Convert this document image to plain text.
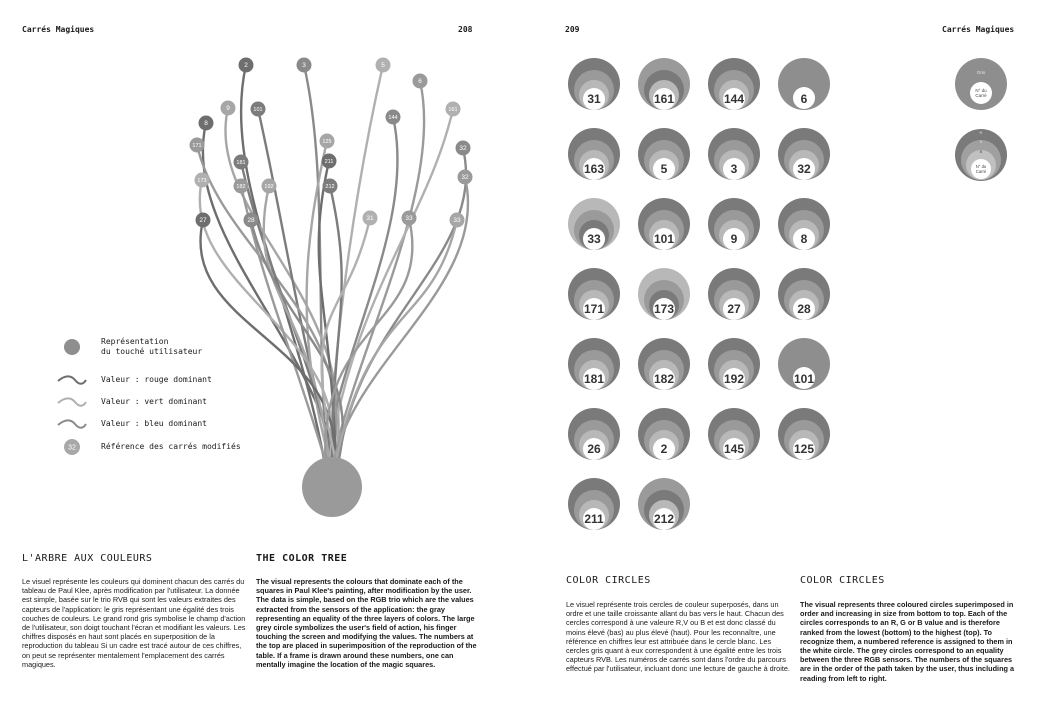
Carrés Magiques	208
2	3	5
6
9	101
8
144
161
171
125
181	211
32
173
182	192	212
27	28	31	33
32
33
Représentation
du touché utilisateur
Valeur : rouge dominant
Valeur : vert dominant
Valeur : bleu dominant
32	Référence des carrés modifiés
L'ARBRE AUX COULEURS
Le visuel représente les couleurs qui dominent chacun des carrés du tableau de Paul Klee, après modification par l'utilisateur. La donnée est simple, basée sur le trio RVB qui sont les valeurs extraites des capteurs de l'application: le gris représentant une égalité des trois couches de couleurs. Le grand rond gris symbolise le champ d'action de l'utilisateur, son doigt touchant l'écran et modifiant les valeurs. Les chiffres disposés en haut sont placés en superposition de la reproduction du tableau Si un cadre est tracé autour de ces chiffres, on peut se représenter mentalement l'emplacement des carrés magiques.
THE COLOR TREE
The visual represents the colours that dominate each of the squares in Paul Klee's painting, after modification by the user. The data is simple, based on the RGB trio which are the values extracted from the sensors of the application: the gray representing an equality of the three layers of colors. The large grey circle symbolizes the user's field of action, his finger touching the screen and modifying the values. The numbers at the top are placed in superimposition of the reproduction of the table. If a frame is drawn around these numbers, one can mentally imagine the location of the magic squares.
209	Carrés Magiques
31	161	144	6
163	5	3	32
33	101	9	8
171	173	27	28
181	182	192	101
26	2	145	125
211	212
Gris
N° du
Carré
R
V
B
N° du
Carré
COLOR CIRCLES
Le visuel représente trois cercles de couleur superposés, dans un ordre et une taille croissante allant du bas vers le haut. Chacun des cercles correspond à une valeure R,V ou B et est donc classé du moins élevé (bas) au plus élevé (haut). Pour les reconnaître, une référence en chiffres leur est attribuée dans le cercle blanc. Les cercles gris quant à eux correspondent à une égalité entre les trois capteurs RVB. Les numéros de carrés sont dans l'ordre du parcours effectué par l'utilisateur, incluant donc une lecture de gauche à droite.
COLOR CIRCLES
The visual represents three coloured circles superimposed in order and increasing in size from bottom to top. Each of the circles corresponds to an R, G or B value and is therefore ranked from the lowest (bottom) to the highest (top). To recognize them, a numbered reference is assigned to them in the white circle. The grey circles correspond to an equality between the three RGB sensors. The numbers of the squares are in the order of the path taken by the user, thus including a reading from left to right.
